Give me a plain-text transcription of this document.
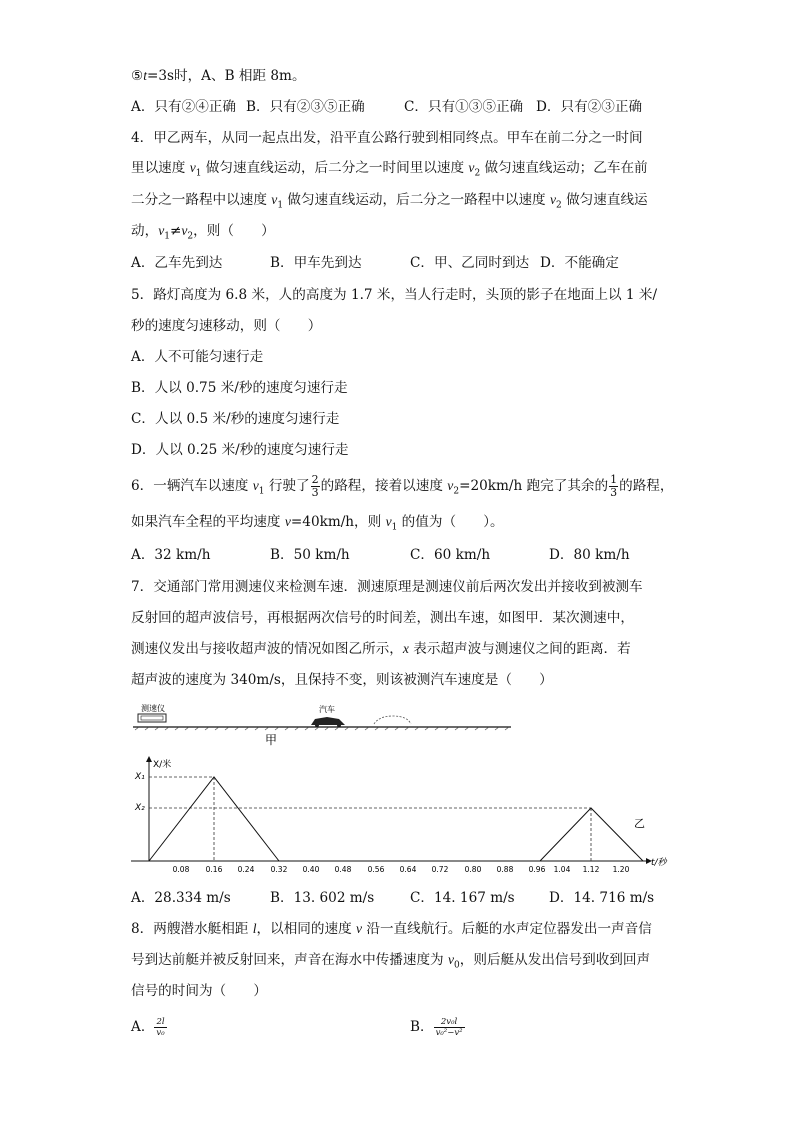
⑤t=3s时，A、B 相距 8m。
A．只有②④正确 B．只有②③⑤正确	C．只有①③⑤正确 D．只有②③正确
4．甲乙两车，从同一起点出发，沿平直公路行驶到相同终点。甲车在前二分之一时间
里以速度 $v_1$ 做匀速直线运动，后二分之一时间里以速度 $v_2$ 做匀速直线运动；乙车在前
二分之一路程中以速度 $v_1$ 做匀速直线运动，后二分之一路程中以速度 $v_2$ 做匀速直线运
动，$v_1\ne v_2$，则（　　）
A．乙车先到达	B．甲车先到达	C．甲、乙同时到达 D．不能确定
5．路灯高度为 6.8 米，人的高度为 1.7 米，当人行走时，头顶的影子在地面上以 1 米/
秒的速度匀速移动，则（　　）
A．人不可能匀速行走
B．人以 0.75 米/秒的速度匀速行走
C．人以 0.5 米/秒的速度匀速行走
D．人以 0.25 米/秒的速度匀速行走
6．一辆汽车以速度 $v_1$ 行驶了 $\frac{2}{3}$ 的路程，接着以速度 $v_2=20km/h$ 跑完了其余的 $\frac{1}{3}$ 的路程，
如果汽车全程的平均速度 v=40km/h，则 $v_1$ 的值为（　　）。
A．32 km/h	B．50 km/h	C．60 km/h	D．80 km/h
7．交通部门常用测速仪来检测车速．测速原理是测速仪前后两次发出并接收到被测车
反射回的超声波信号，再根据两次信号的时间差，测出车速，如图甲．某次测速中，
测速仪发出与接收超声波的情况如图乙所示，x 表示超声波与测速仪之间的距离．若
超声波的速度为 340m/s，且保持不变，则该被测汽车速度是（　　）
测速仪	汽车
甲
X/米
t/秒
X₁
X₂
乙
0.08 0.16 0.24 0.32 0.40 0.48 0.56 0.64 0.72 0.80 0.88 0.96 1.04 1.12 1.20
A．28.334 m/s	B．13. 602 m/s	C．14. 167 m/s	D．14. 716 m/s
8．两艘潜水艇相距 l，以相同的速度 v 沿一直线航行。后艇的水声定位器发出一声音信
号到达前艇并被反射回来，声音在海水中传播速度为 $v_0$，则后艇从发出信号到收到回声
信号的时间为（　　）
A． $\frac{2l}{\text{v₀}}$	B． $\frac{\text{2v₀l}}{\text{v₀²−v²}}$
